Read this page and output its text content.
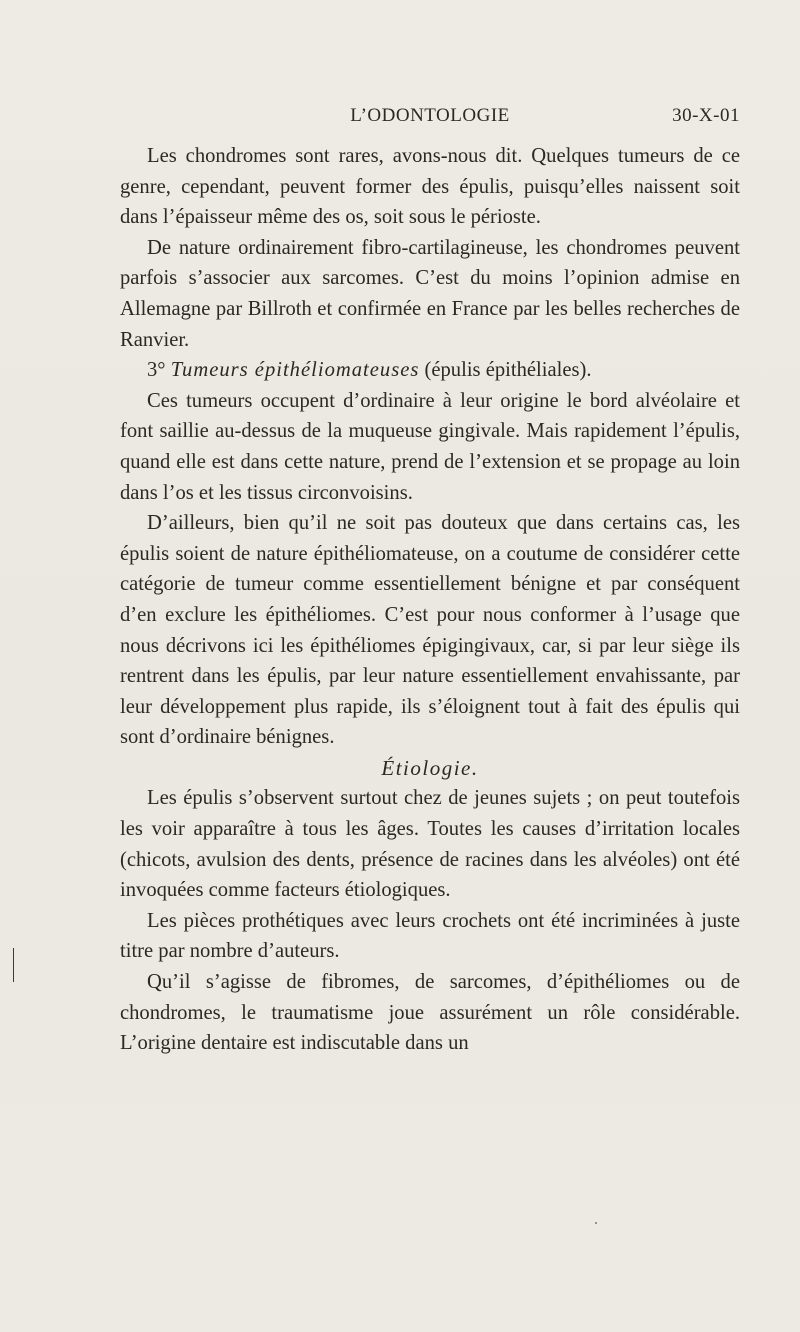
L’ODONTOLOGIE	30-X-01

Les chondromes sont rares, avons-nous dit. Quelques tumeurs de ce genre, cependant, peuvent former des épulis, puisqu’elles naissent soit dans l’épaisseur même des os, soit sous le périoste.

De nature ordinairement fibro-cartilagineuse, les chondromes peuvent parfois s’associer aux sarcomes. C’est du moins l’opinion admise en Allemagne par Billroth et confirmée en France par les belles recherches de Ranvier.

3° Tumeurs épithéliomateuses (épulis épithéliales).

Ces tumeurs occupent d’ordinaire à leur origine le bord alvéolaire et font saillie au-dessus de la muqueuse gingivale. Mais rapidement l’épulis, quand elle est dans cette nature, prend de l’extension et se propage au loin dans l’os et les tissus circonvoisins.

D’ailleurs, bien qu’il ne soit pas douteux que dans certains cas, les épulis soient de nature épithéliomateuse, on a coutume de considérer cette catégorie de tumeur comme essentiellement bénigne et par conséquent d’en exclure les épithéliomes. C’est pour nous conformer à l’usage que nous décrivons ici les épithéliomes épigingivaux, car, si par leur siège ils rentrent dans les épulis, par leur nature essentiellement envahissante, par leur développement plus rapide, ils s’éloignent tout à fait des épulis qui sont d’ordinaire bénignes.

Étiologie.

Les épulis s’observent surtout chez de jeunes sujets ; on peut toutefois les voir apparaître à tous les âges. Toutes les causes d’irritation locales (chicots, avulsion des dents, présence de racines dans les alvéoles) ont été invoquées comme facteurs étiologiques.

Les pièces prothétiques avec leurs crochets ont été incriminées à juste titre par nombre d’auteurs.

Qu’il s’agisse de fibromes, de sarcomes, d’épithéliomes ou de chondromes, le traumatisme joue assurément un rôle considérable. L’origine dentaire est indiscutable dans un
